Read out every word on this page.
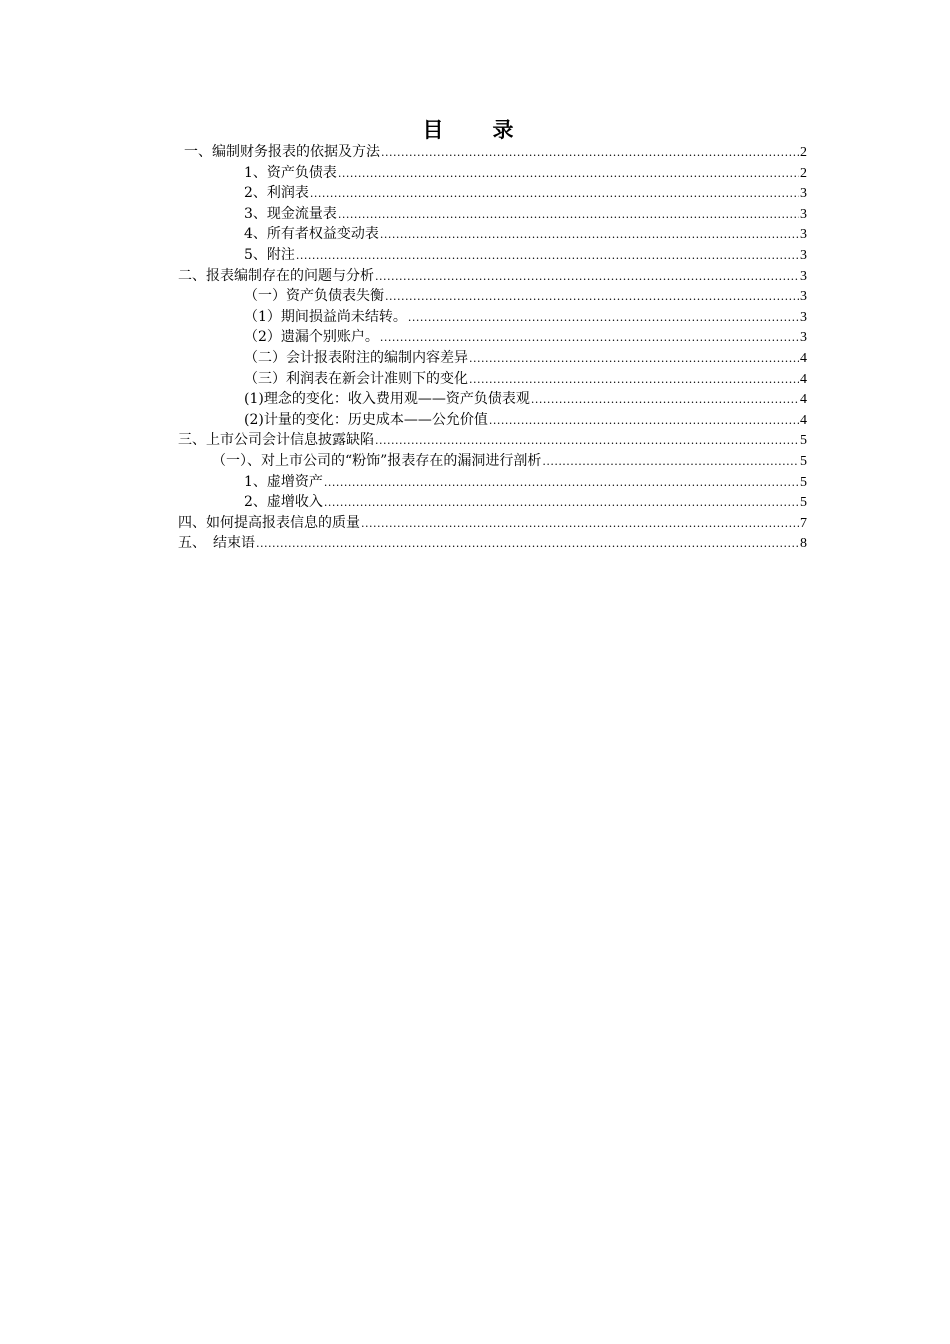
目　录
一、编制财务报表的依据及方法 .....	2
1、资产负债表 .....	2
2、利润表 .....	3
3、现金流量表 .....	3
4、所有者权益变动表 .....	3
5、附注 .....	3
二、报表编制存在的问题与分析 .....	3
（一）资产负债表失衡 .....	3
（1）期间损益尚未结转。 .....	3
（2）遗漏个别账户。 .....	3
（二）会计报表附注的编制内容差异 .....	4
（三）利润表在新会计准则下的变化 .....	4
(1)理念的变化：收入费用观——资产负债表观 .....	4
(2)计量的变化：历史成本——公允价值 .....	4
三、上市公司会计信息披露缺陷 .....	5
（一）、对上市公司的“粉饰”报表存在的漏洞进行剖析 .....	5
1、虚增资产 .....	5
2、虚增收入 .....	5
四、如何提高报表信息的质量 .....	7
五、　结束语 .....	8
